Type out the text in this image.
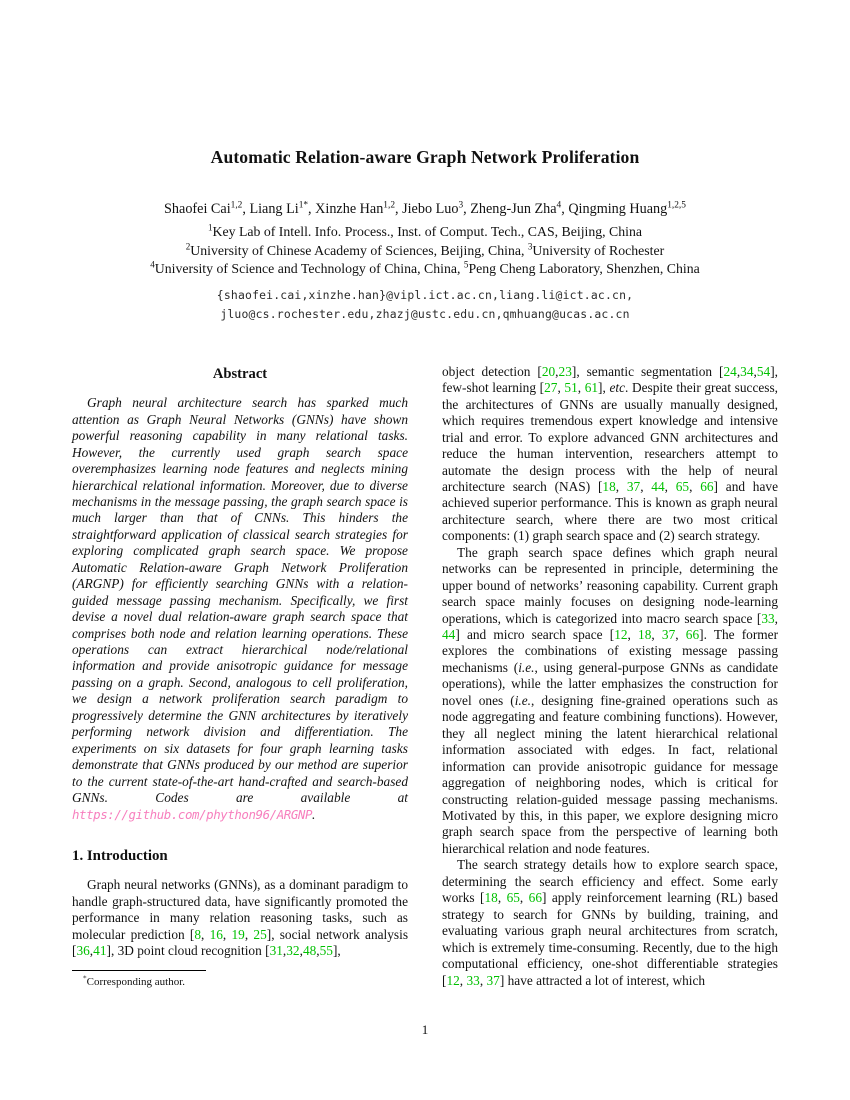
Automatic Relation-aware Graph Network Proliferation
Shaofei Cai$^{1,2}$, Liang $Li^{1*}$, Xinzhe Han$^{1,2}$, Jiebo Luo$^3$, Zheng-Jun Zha$^4$, Qingming Huang$^{1,2,5}$
$^1$Key Lab of Intell. Info. Process., Inst. of Comput. Tech., CAS, Beijing, China
$^2$University of Chinese Academy of Sciences, Beijing, China, $^3$University of Rochester
$^4$University of Science and Technology of China, China, $^5$Peng Cheng Laboratory, Shenzhen, China
{shaofei.cai,xinzhe.han}@vipl.ict.ac.cn,liang.li@ict.ac.cn,
jluo@cs.rochester.edu,zhazj@ustc.edu.cn,qmhuang@ucas.ac.cn
Abstract

Graph neural architecture search has sparked much attention as Graph Neural Networks (GNNs) have shown powerful reasoning capability in many relational tasks. However, the currently used graph search space overemphasizes learning node features and neglects mining hierarchical relational information. Moreover, due to diverse mechanisms in the message passing, the graph search space is much larger than that of CNNs. This hinders the straightforward application of classical search strategies for exploring complicated graph search space. We propose Automatic Relation-aware Graph Network Proliferation (ARGNP) for efficiently searching GNNs with a relation-guided message passing mechanism. Specifically, we first devise a novel dual relation-aware graph search space that comprises both node and relation learning operations. These operations can extract hierarchical node/relational information and provide anisotropic guidance for message passing on a graph. Second, analogous to cell proliferation, we design a network proliferation search paradigm to progressively determine the GNN architectures by iteratively performing network division and differentiation. The experiments on six datasets for four graph learning tasks demonstrate that GNNs produced by our method are superior to the current state-of-the-art hand-crafted and search-based GNNs. Codes are available at https://github.com/phython96/ARGNP.

1. Introduction

Graph neural networks (GNNs), as a dominant paradigm to handle graph-structured data, have significantly promoted the performance in many relation reasoning tasks, such as molecular prediction [8, 16, 19, 25], social network analysis [36,41], 3D point cloud recognition [31,32,48,55],

*Corresponding author.

object detection [20,23], semantic segmentation [24,34,54], few-shot learning [27, 51, 61], etc. Despite their great success, the architectures of GNNs are usually manually designed, which requires tremendous expert knowledge and intensive trial and error. To explore advanced GNN architectures and reduce the human intervention, researchers attempt to automate the design process with the help of neural architecture search (NAS) [18, 37, 44, 65, 66] and have achieved superior performance. This is known as graph neural architecture search, where there are two most critical components: (1) graph search space and (2) search strategy.

The graph search space defines which graph neural networks can be represented in principle, determining the upper bound of networks’ reasoning capability. Current graph search space mainly focuses on designing node-learning operations, which is categorized into macro search space [33, 44] and micro search space [12, 18, 37, 66]. The former explores the combinations of existing message passing mechanisms (i.e., using general-purpose GNNs as candidate operations), while the latter emphasizes the construction for novel ones (i.e., designing fine-grained operations such as node aggregating and feature combining functions). However, they all neglect mining the latent hierarchical relational information associated with edges. In fact, relational information can provide anisotropic guidance for message aggregation of neighboring nodes, which is critical for constructing relation-guided message passing mechanisms. Motivated by this, in this paper, we explore designing micro graph search space from the perspective of learning both hierarchical relation and node features.

The search strategy details how to explore search space, determining the search efficiency and effect. Some early works [18, 65, 66] apply reinforcement learning (RL) based strategy to search for GNNs by building, training, and evaluating various graph neural architectures from scratch, which is extremely time-consuming. Recently, due to the high computational efficiency, one-shot differentiable strategies [12, 33, 37] have attracted a lot of interest, which

1
